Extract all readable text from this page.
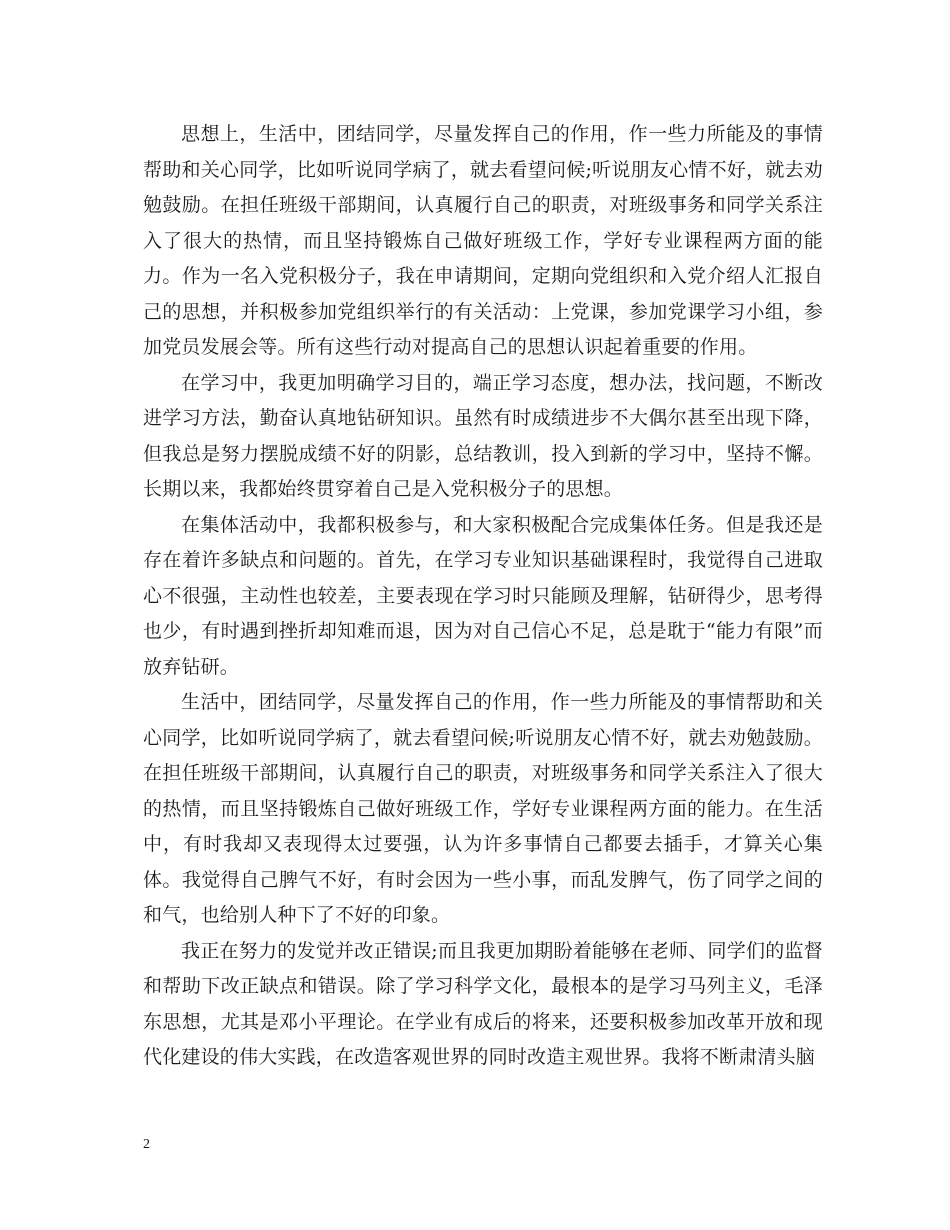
思想上，生活中，团结同学，尽量发挥自己的作用，作一些力所能及的事情帮助和关心同学，比如听说同学病了，就去看望问候;听说朋友心情不好，就去劝勉鼓励。在担任班级干部期间，认真履行自己的职责，对班级事务和同学关系注入了很大的热情，而且坚持锻炼自己做好班级工作，学好专业课程两方面的能力。作为一名入党积极分子，我在申请期间，定期向党组织和入党介绍人汇报自己的思想，并积极参加党组织举行的有关活动：上党课，参加党课学习小组，参加党员发展会等。所有这些行动对提高自己的思想认识起着重要的作用。

在学习中，我更加明确学习目的，端正学习态度，想办法，找问题，不断改进学习方法，勤奋认真地钻研知识。虽然有时成绩进步不大偶尔甚至出现下降，但我总是努力摆脱成绩不好的阴影，总结教训，投入到新的学习中，坚持不懈。长期以来，我都始终贯穿着自己是入党积极分子的思想。

在集体活动中，我都积极参与，和大家积极配合完成集体任务。但是我还是存在着许多缺点和问题的。首先，在学习专业知识基础课程时，我觉得自己进取心不很强，主动性也较差，主要表现在学习时只能顾及理解，钻研得少，思考得也少，有时遇到挫折却知难而退，因为对自己信心不足，总是耽于“能力有限”而放弃钻研。

生活中，团结同学，尽量发挥自己的作用，作一些力所能及的事情帮助和关心同学，比如听说同学病了，就去看望问候;听说朋友心情不好，就去劝勉鼓励。在担任班级干部期间，认真履行自己的职责，对班级事务和同学关系注入了很大的热情，而且坚持锻炼自己做好班级工作，学好专业课程两方面的能力。在生活中，有时我却又表现得太过要强，认为许多事情自己都要去插手，才算关心集体。我觉得自己脾气不好，有时会因为一些小事，而乱发脾气，伤了同学之间的和气，也给别人种下了不好的印象。

我正在努力的发觉并改正错误;而且我更加期盼着能够在老师、同学们的监督和帮助下改正缺点和错误。除了学习科学文化，最根本的是学习马列主义，毛泽东思想，尤其是邓小平理论。在学业有成后的将来，还要积极参加改革开放和现代化建设的伟大实践，在改造客观世界的同时改造主观世界。我将不断肃清头脑

2
